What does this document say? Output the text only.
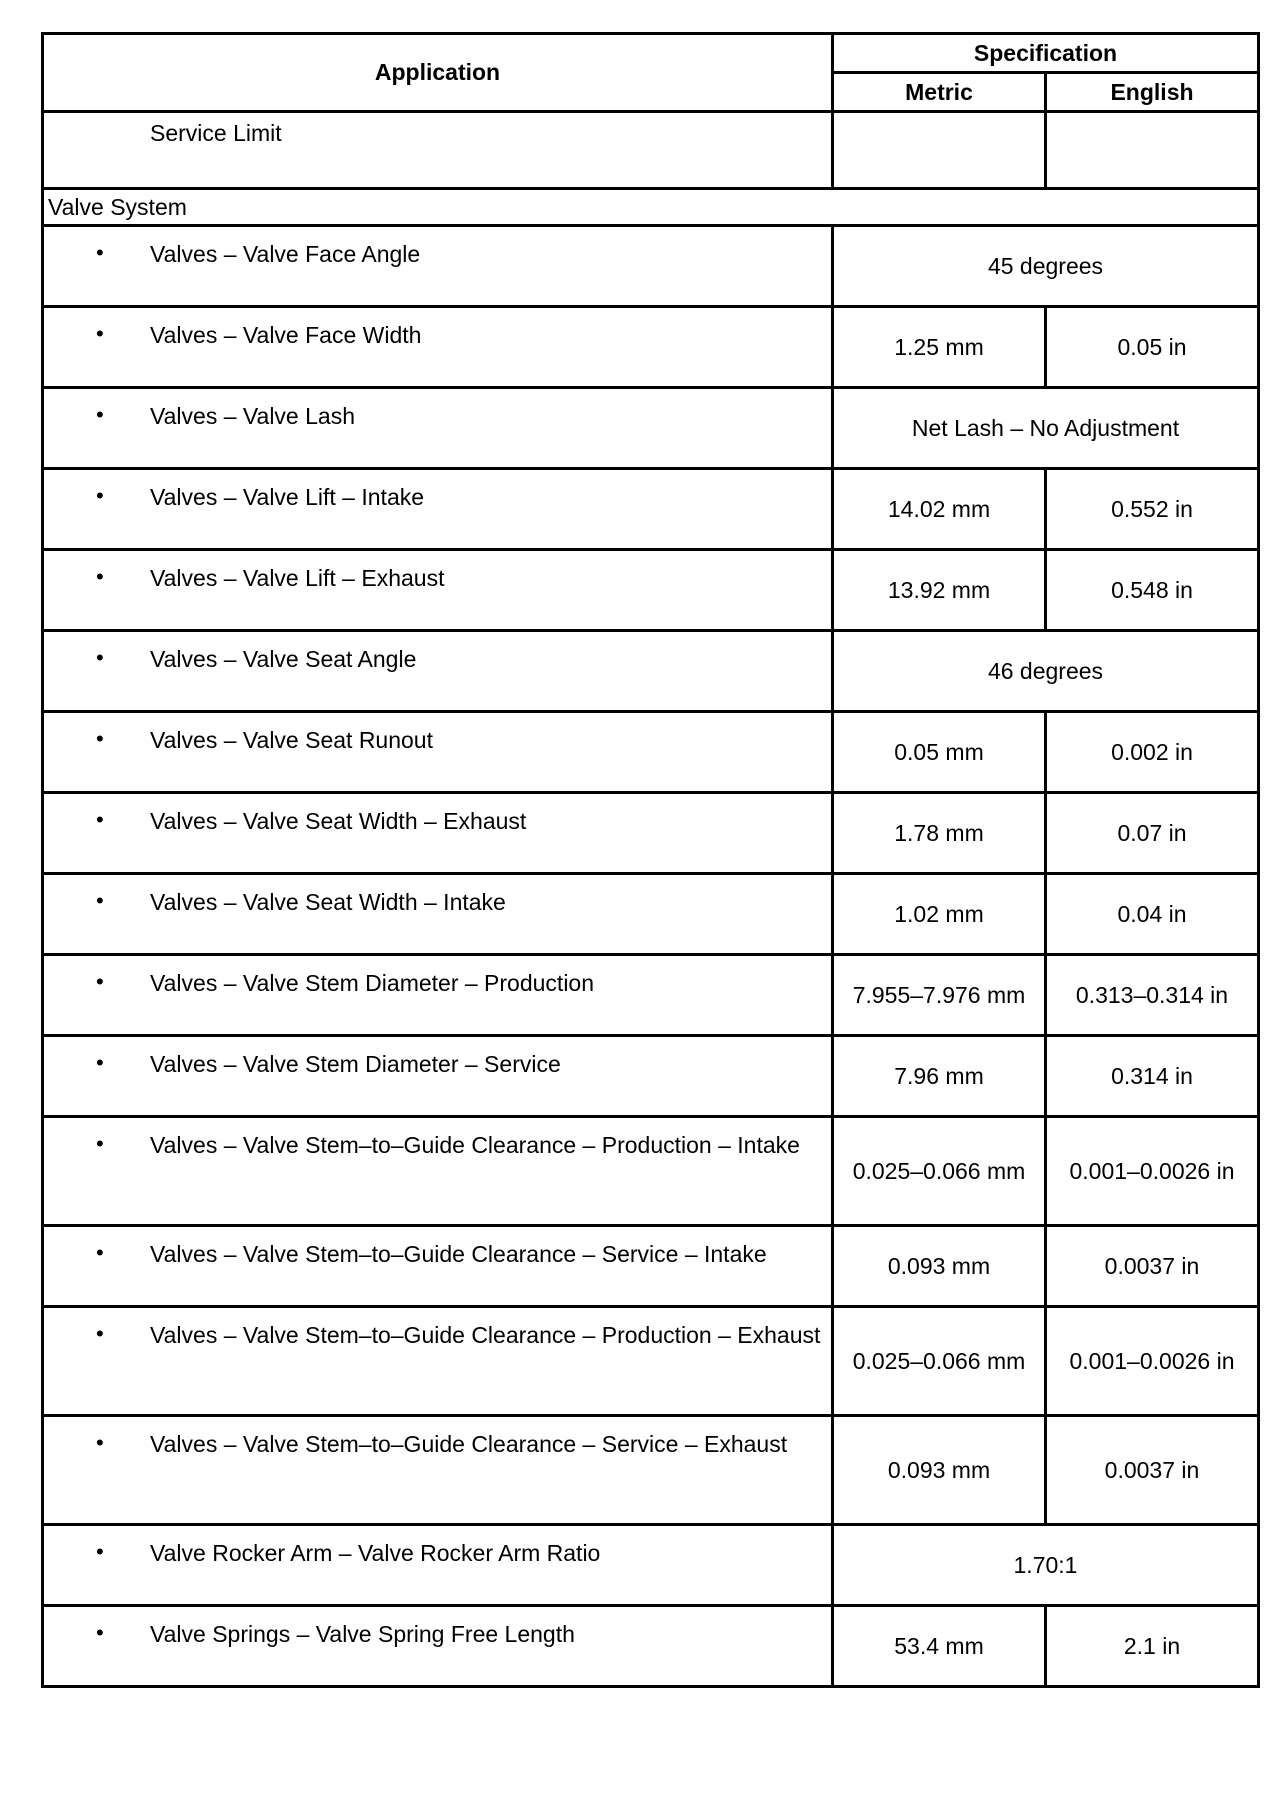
Application	Specification	
	Metric	English

Service Limit		

Valve System		

• Valves – Valve Face Angle	45 degrees	

• Valves – Valve Face Width	1.25 mm	0.05 in

• Valves – Valve Lash	Net Lash – No Adjustment	

• Valves – Valve Lift – Intake	14.02 mm	0.552 in

• Valves – Valve Lift – Exhaust	13.92 mm	0.548 in

• Valves – Valve Seat Angle	46 degrees	

• Valves – Valve Seat Runout	0.05 mm	0.002 in

• Valves – Valve Seat Width – Exhaust	1.78 mm	0.07 in

• Valves – Valve Seat Width – Intake	1.02 mm	0.04 in

• Valves – Valve Stem Diameter – Production	7.955–7.976 mm	0.313–0.314 in

• Valves – Valve Stem Diameter – Service	7.96 mm	0.314 in

• Valves – Valve Stem–to–Guide Clearance – Production – Intake	0.025–0.066 mm	0.001–0.0026 in

• Valves – Valve Stem–to–Guide Clearance – Service – Intake	0.093 mm	0.0037 in

• Valves – Valve Stem–to–Guide Clearance – Production – Exhaust	0.025–0.066 mm	0.001–0.0026 in

• Valves – Valve Stem–to–Guide Clearance – Service – Exhaust	0.093 mm	0.0037 in

• Valve Rocker Arm – Valve Rocker Arm Ratio	1.70:1	

• Valve Springs – Valve Spring Free Length	53.4 mm	2.1 in
